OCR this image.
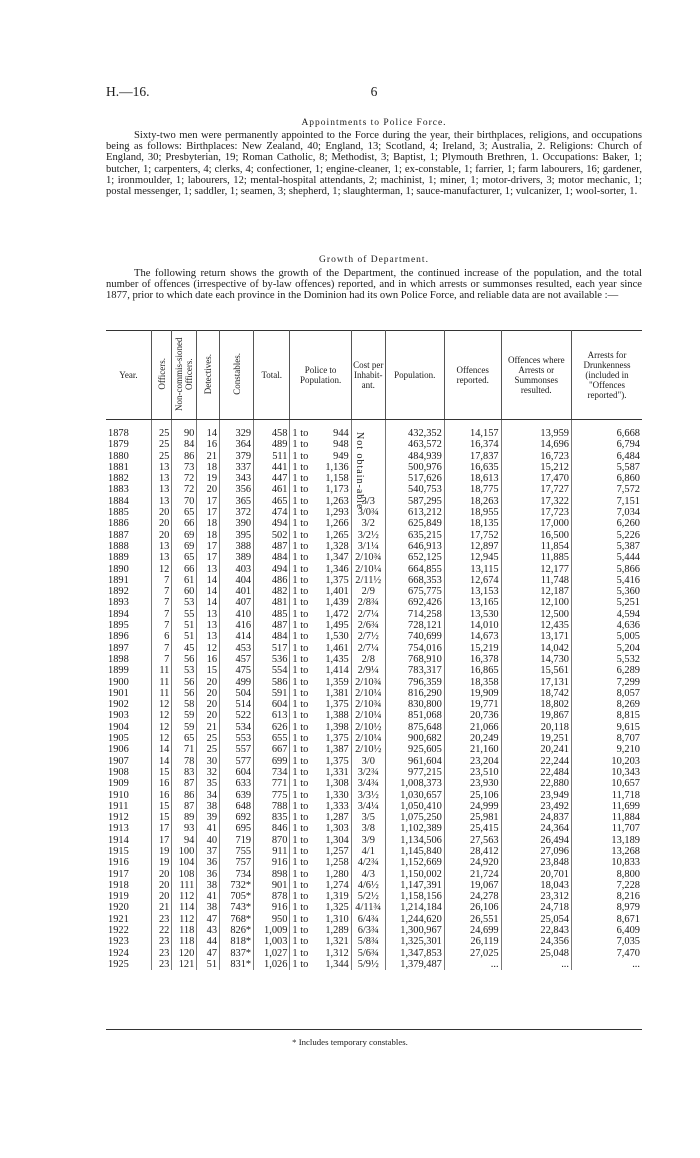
H.—16.	6
Appointments to Police Force.

Sixty-two men were permanently appointed to the Force during the year, their birthplaces, religions, and occupations being as follows: Birthplaces: New Zealand, 40; England, 13; Scotland, 4; Ireland, 3; Australia, 2. Religions: Church of England, 30; Presbyterian, 19; Roman Catholic, 8; Methodist, 3; Baptist, 1; Plymouth Brethren, 1. Occupations: Baker, 1; butcher, 1; carpenters, 4; clerks, 4; confectioner, 1; engine-cleaner, 1; ex-constable, 1; farrier, 1; farm labourers, 16; gardener, 1; ironmoulder, 1; labourers, 12; mental-hospital attendants, 2; machinist, 1; miner, 1; motor-drivers, 3; motor mechanic, 1; postal messenger, 1; saddler, 1; seamen, 3; shepherd, 1; slaughterman, 1; sauce-manufacturer, 1; vulcanizer, 1; wool-sorter, 1.

Growth of Department.

The following return shows the growth of the Department, the continued increase of the population, and the total number of offences (irrespective of by-law offences) reported, and in which arrests or summonses resulted, each year since 1877, prior to which date each province in the Dominion had its own Police Force, and reliable data are not available :—

Year.	Officers.	Non-commis-sioned Officers.	Detectives.	Constables.	Total.	Police to Population.		Cost per Inhabit-ant.	Population.	Offences reported.	Offences where Arrests or Summonses resulted.	Arrests for Drunkenness (included in "Offences reported").
1878	25	90	14	329	458	1 to	944		432,352	14,157	13,959	6,668
1879	25	84	16	364	489	1 to	948		463,572	16,374	14,696	6,794
1880	25	86	21	379	511	1 to	949		484,939	17,837	16,723	6,484
1881	13	73	18	337	441	1 to	1,136		500,976	16,635	15,212	5,587
1882	13	72	19	343	447	1 to	1,158		517,626	18,613	17,470	6,860
1883	13	72	20	356	461	1 to	1,173		540,753	18,775	17,727	7,572
1884	13	70	17	365	465	1 to	1,263	3/3	587,295	18,263	17,322	7,151
1885	20	65	17	372	474	1 to	1,293	3/0¾	613,212	18,955	17,723	7,034
1886	20	66	18	390	494	1 to	1,266	3/2	625,849	18,135	17,000	6,260
1887	20	69	18	395	502	1 to	1,265	3/2½	635,215	17,752	16,500	5,226
1888	13	69	17	388	487	1 to	1,328	3/1¼	646,913	12,897	11,854	5,387
1889	13	65	17	389	484	1 to	1,347	2/10¾	652,125	12,945	11,885	5,444
1890	12	66	13	403	494	1 to	1,346	2/10¼	664,855	13,115	12,177	5,866
1891	7	61	14	404	486	1 to	1,375	2/11½	668,353	12,674	11,748	5,416
1892	7	60	14	401	482	1 to	1,401	2/9	675,775	13,153	12,187	5,360
1893	7	53	14	407	481	1 to	1,439	2/8¾	692,426	13,165	12,100	5,251
1894	7	55	13	410	485	1 to	1,472	2/7¼	714,258	13,530	12,500	4,594
1895	7	51	13	416	487	1 to	1,495	2/6¾	728,121	14,010	12,435	4,636
1896	6	51	13	414	484	1 to	1,530	2/7½	740,699	14,673	13,171	5,005
1897	7	45	12	453	517	1 to	1,461	2/7¼	754,016	15,219	14,042	5,204
1898	7	56	16	457	536	1 to	1,435	2/8	768,910	16,378	14,730	5,532
1899	11	53	15	475	554	1 to	1,414	2/9¼	783,317	16,865	15,561	6,289
1900	11	56	20	499	586	1 to	1,359	2/10¾	796,359	18,358	17,131	7,299
1901	11	56	20	504	591	1 to	1,381	2/10¼	816,290	19,909	18,742	8,057
1902	12	58	20	514	604	1 to	1,375	2/10¾	830,800	19,771	18,802	8,269
1903	12	59	20	522	613	1 to	1,388	2/10¼	851,068	20,736	19,867	8,815
1904	12	59	21	534	626	1 to	1,398	2/10½	875,648	21,066	20,118	9,615
1905	12	65	25	553	655	1 to	1,375	2/10¼	900,682	20,249	19,251	8,707
1906	14	71	25	557	667	1 to	1,387	2/10½	925,605	21,160	20,241	9,210
1907	14	78	30	577	699	1 to	1,375	3/0	961,604	23,204	22,244	10,203
1908	15	83	32	604	734	1 to	1,331	3/2¾	977,215	23,510	22,484	10,343
1909	16	87	35	633	771	1 to	1,308	3/4¾	1,008,373	23,930	22,880	10,657
1910	16	86	34	639	775	1 to	1,330	3/3½	1,030,657	25,106	23,949	11,718
1911	15	87	38	648	788	1 to	1,333	3/4¼	1,050,410	24,999	23,492	11,699
1912	15	89	39	692	835	1 to	1,287	3/5	1,075,250	25,981	24,837	11,884
1913	17	93	41	695	846	1 to	1,303	3/8	1,102,389	25,415	24,364	11,707
1914	17	94	40	719	870	1 to	1,304	3/9	1,134,506	27,563	26,494	13,189
1915	19	100	37	755	911	1 to	1,257	4/1	1,145,840	28,412	27,096	13,268
1916	19	104	36	757	916	1 to	1,258	4/2¾	1,152,669	24,920	23,848	10,833
1917	20	108	36	734	898	1 to	1,280	4/3	1,150,002	21,724	20,701	8,800
1918	20	111	38	732*	901	1 to	1,274	4/6½	1,147,391	19,067	18,043	7,228
1919	20	112	41	705*	878	1 to	1,319	5/2½	1,158,156	24,278	23,312	8,216
1920	21	114	38	743*	916	1 to	1,325	4/11¾	1,214,184	26,106	24,718	8,979
1921	23	112	47	768*	950	1 to	1,310	6/4¾	1,244,620	26,551	25,054	8,671
1922	22	118	43	826*	1,009	1 to	1,289	6/3¾	1,300,967	24,699	22,843	6,409
1923	23	118	44	818*	1,003	1 to	1,321	5/8¾	1,325,301	26,119	24,356	7,035
1924	23	120	47	837*	1,027	1 to	1,312	5/6¾	1,347,853	27,025	25,048	7,470
1925	23	121	51	831*	1,026	1 to	1,344	5/9½	1,379,487	...	...	...
Not obtain-able
* Includes temporary constables.
